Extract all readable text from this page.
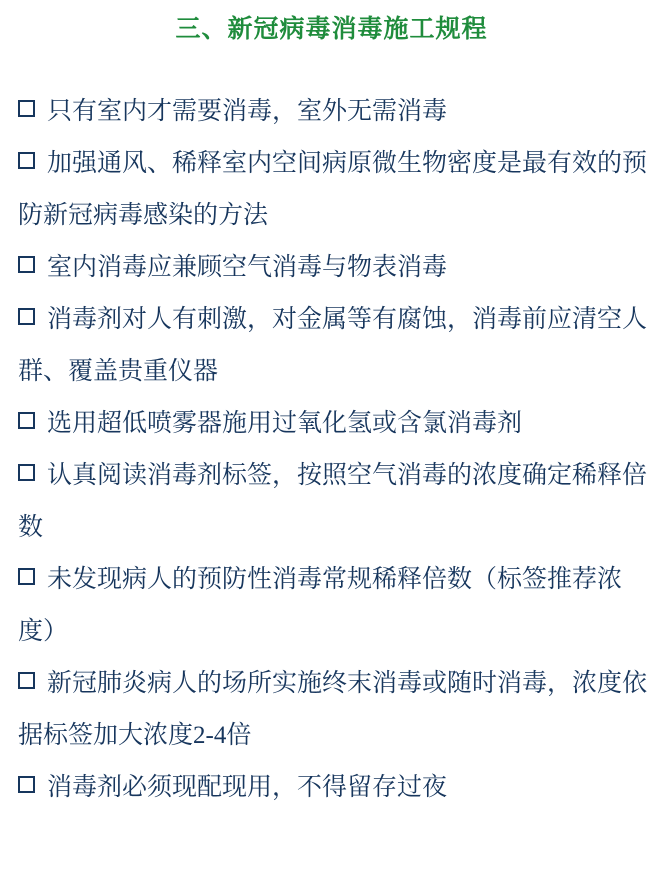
三、新冠病毒消毒施工规程
只有室内才需要消毒，室外无需消毒
加强通风、稀释室内空间病原微生物密度是最有效的预防新冠病毒感染的方法
室内消毒应兼顾空气消毒与物表消毒
消毒剂对人有刺激，对金属等有腐蚀，消毒前应清空人群、覆盖贵重仪器
选用超低喷雾器施用过氧化氢或含氯消毒剂
认真阅读消毒剂标签，按照空气消毒的浓度确定稀释倍数
未发现病人的预防性消毒常规稀释倍数（标签推荐浓度）
新冠肺炎病人的场所实施终末消毒或随时消毒，浓度依据标签加大浓度2-4倍
消毒剂必须现配现用，不得留存过夜
